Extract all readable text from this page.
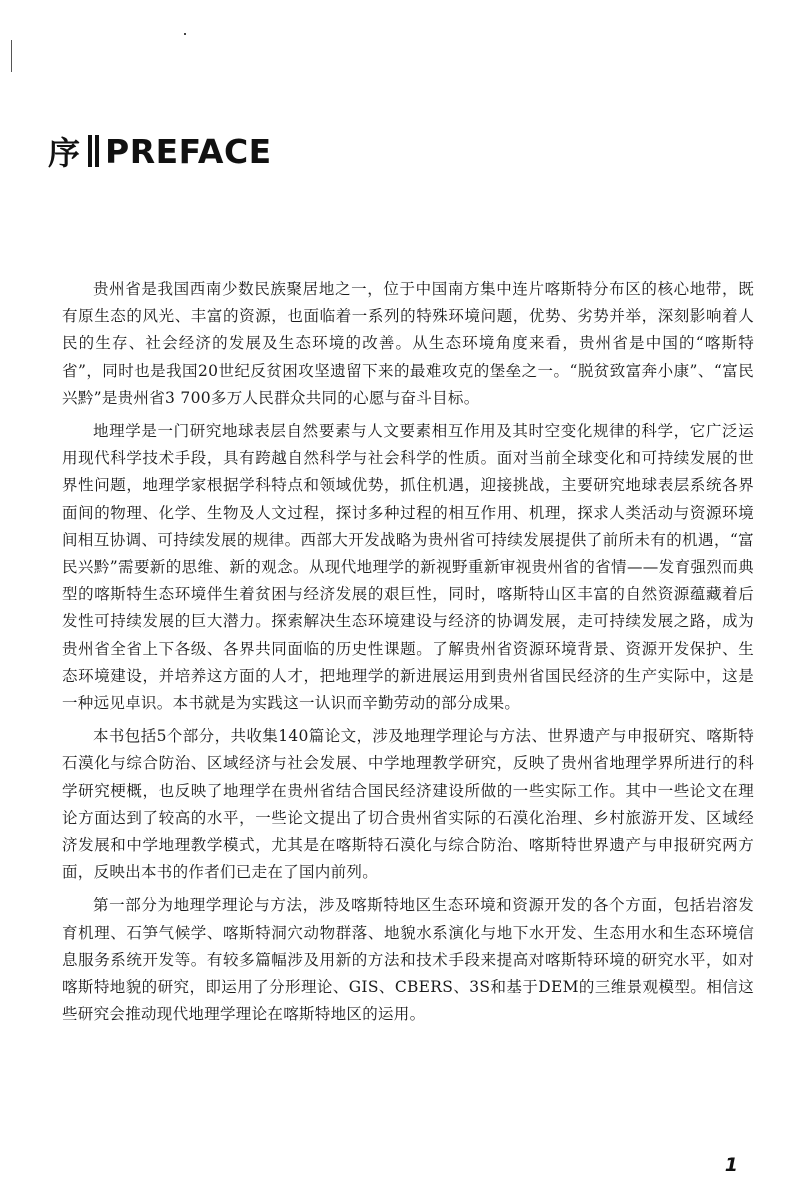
序 PREFACE

贵州省是我国西南少数民族聚居地之一，位于中国南方集中连片喀斯特分布区的核心地带，既有原生态的风光、丰富的资源，也面临着一系列的特殊环境问题，优势、劣势并举，深刻影响着人民的生存、社会经济的发展及生态环境的改善。从生态环境角度来看，贵州省是中国的“喀斯特省”，同时也是我国20世纪反贫困攻坚遗留下来的最难攻克的堡垒之一。“脱贫致富奔小康”、“富民兴黔”是贵州省3 700多万人民群众共同的心愿与奋斗目标。

地理学是一门研究地球表层自然要素与人文要素相互作用及其时空变化规律的科学，它广泛运用现代科学技术手段，具有跨越自然科学与社会科学的性质。面对当前全球变化和可持续发展的世界性问题，地理学家根据学科特点和领域优势，抓住机遇，迎接挑战，主要研究地球表层系统各界面间的物理、化学、生物及人文过程，探讨多种过程的相互作用、机理，探求人类活动与资源环境间相互协调、可持续发展的规律。西部大开发战略为贵州省可持续发展提供了前所未有的机遇，“富民兴黔”需要新的思维、新的观念。从现代地理学的新视野重新审视贵州省的省情——发育强烈而典型的喀斯特生态环境伴生着贫困与经济发展的艰巨性，同时，喀斯特山区丰富的自然资源蕴藏着后发性可持续发展的巨大潜力。探索解决生态环境建设与经济的协调发展，走可持续发展之路，成为贵州省全省上下各级、各界共同面临的历史性课题。了解贵州省资源环境背景、资源开发保护、生态环境建设，并培养这方面的人才，把地理学的新进展运用到贵州省国民经济的生产实际中，这是一种远见卓识。本书就是为实践这一认识而辛勤劳动的部分成果。

本书包括5个部分，共收集140篇论文，涉及地理学理论与方法、世界遗产与申报研究、喀斯特石漠化与综合防治、区域经济与社会发展、中学地理教学研究，反映了贵州省地理学界所进行的科学研究梗概，也反映了地理学在贵州省结合国民经济建设所做的一些实际工作。其中一些论文在理论方面达到了较高的水平，一些论文提出了切合贵州省实际的石漠化治理、乡村旅游开发、区域经济发展和中学地理教学模式，尤其是在喀斯特石漠化与综合防治、喀斯特世界遗产与申报研究两方面，反映出本书的作者们已走在了国内前列。

第一部分为地理学理论与方法，涉及喀斯特地区生态环境和资源开发的各个方面，包括岩溶发育机理、石笋气候学、喀斯特洞穴动物群落、地貌水系演化与地下水开发、生态用水和生态环境信息服务系统开发等。有较多篇幅涉及用新的方法和技术手段来提高对喀斯特环境的研究水平，如对喀斯特地貌的研究，即运用了分形理论、GIS、CBERS、3S和基于DEM的三维景观模型。相信这些研究会推动现代地理学理论在喀斯特地区的运用。

1
